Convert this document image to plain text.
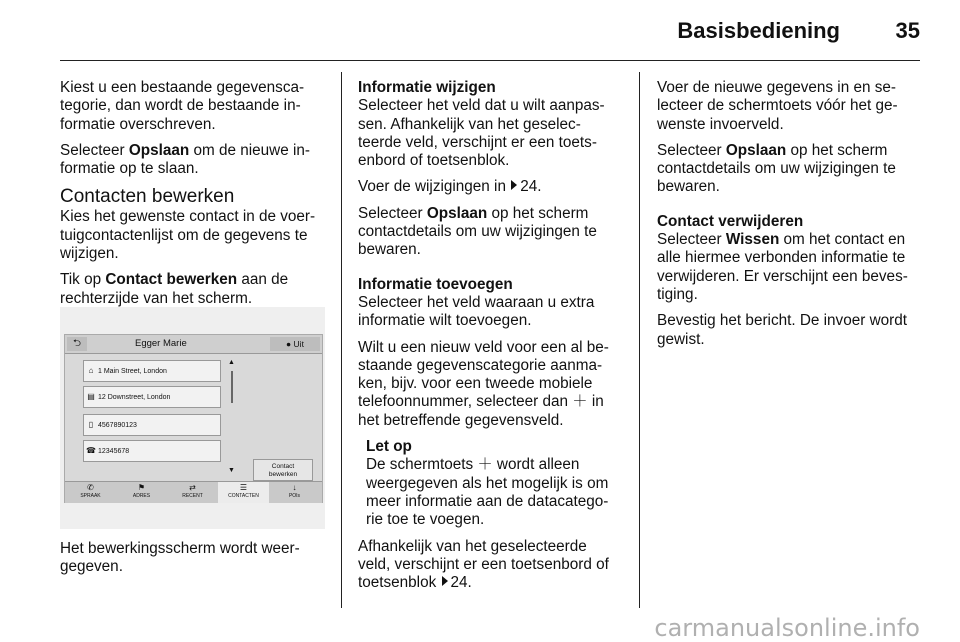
Basisbediening	35

Kiest u een bestaande gegevensca-
tegorie, dan wordt de bestaande in-
formatie overschreven.

Selecteer Opslaan om de nieuwe in-
formatie op te slaan.

Contacten bewerken

Kies het gewenste contact in de voer-
tuigcontactenlijst om de gegevens te
wijzigen.

Tik op Contact bewerken aan de
rechterzijde van het scherm.

⮌	Egger Marie	● Uit
⌂ 1 Main Street, London
▤ 12 Downstreet, London
▯ 4567890123
☎ 12345678
▲
▼
Contact
bewerken
✆
SPRAAK
⚑
ADRES
⇄
RECENT
☰
CONTACTEN
↓
POIs

Het bewerkingsscherm wordt weer-
gegeven.

Informatie wijzigen

Selecteer het veld dat u wilt aanpas-
sen. Afhankelijk van het geselec-
teerde veld, verschijnt er een toets-
enbord of toetsenblok.

Voer de wijzigingen in 24.

Selecteer Opslaan op het scherm
contactdetails om uw wijzigingen te
bewaren.

Informatie toevoegen

Selecteer het veld waaraan u extra
informatie wilt toevoegen.

Wilt u een nieuw veld voor een al be-
staande gegevenscategorie aanma-
ken, bijv. voor een tweede mobiele
telefoonnummer, selecteer dan ＋ in
het betreffende gegevensveld.

Let op

De schermtoets ＋ wordt alleen
weergegeven als het mogelijk is om
meer informatie aan de datacatego-
rie toe te voegen.

Afhankelijk van het geselecteerde
veld, verschijnt er een toetsenbord of
toetsenblok 24.

Voer de nieuwe gegevens in en se-
lecteer de schermtoets vóór het ge-
wenste invoerveld.

Selecteer Opslaan op het scherm
contactdetails om uw wijzigingen te
bewaren.

Contact verwijderen

Selecteer Wissen om het contact en
alle hiermee verbonden informatie te
verwijderen. Er verschijnt een beves-
tiging.

Bevestig het bericht. De invoer wordt
gewist.

carmanualsonline.info
